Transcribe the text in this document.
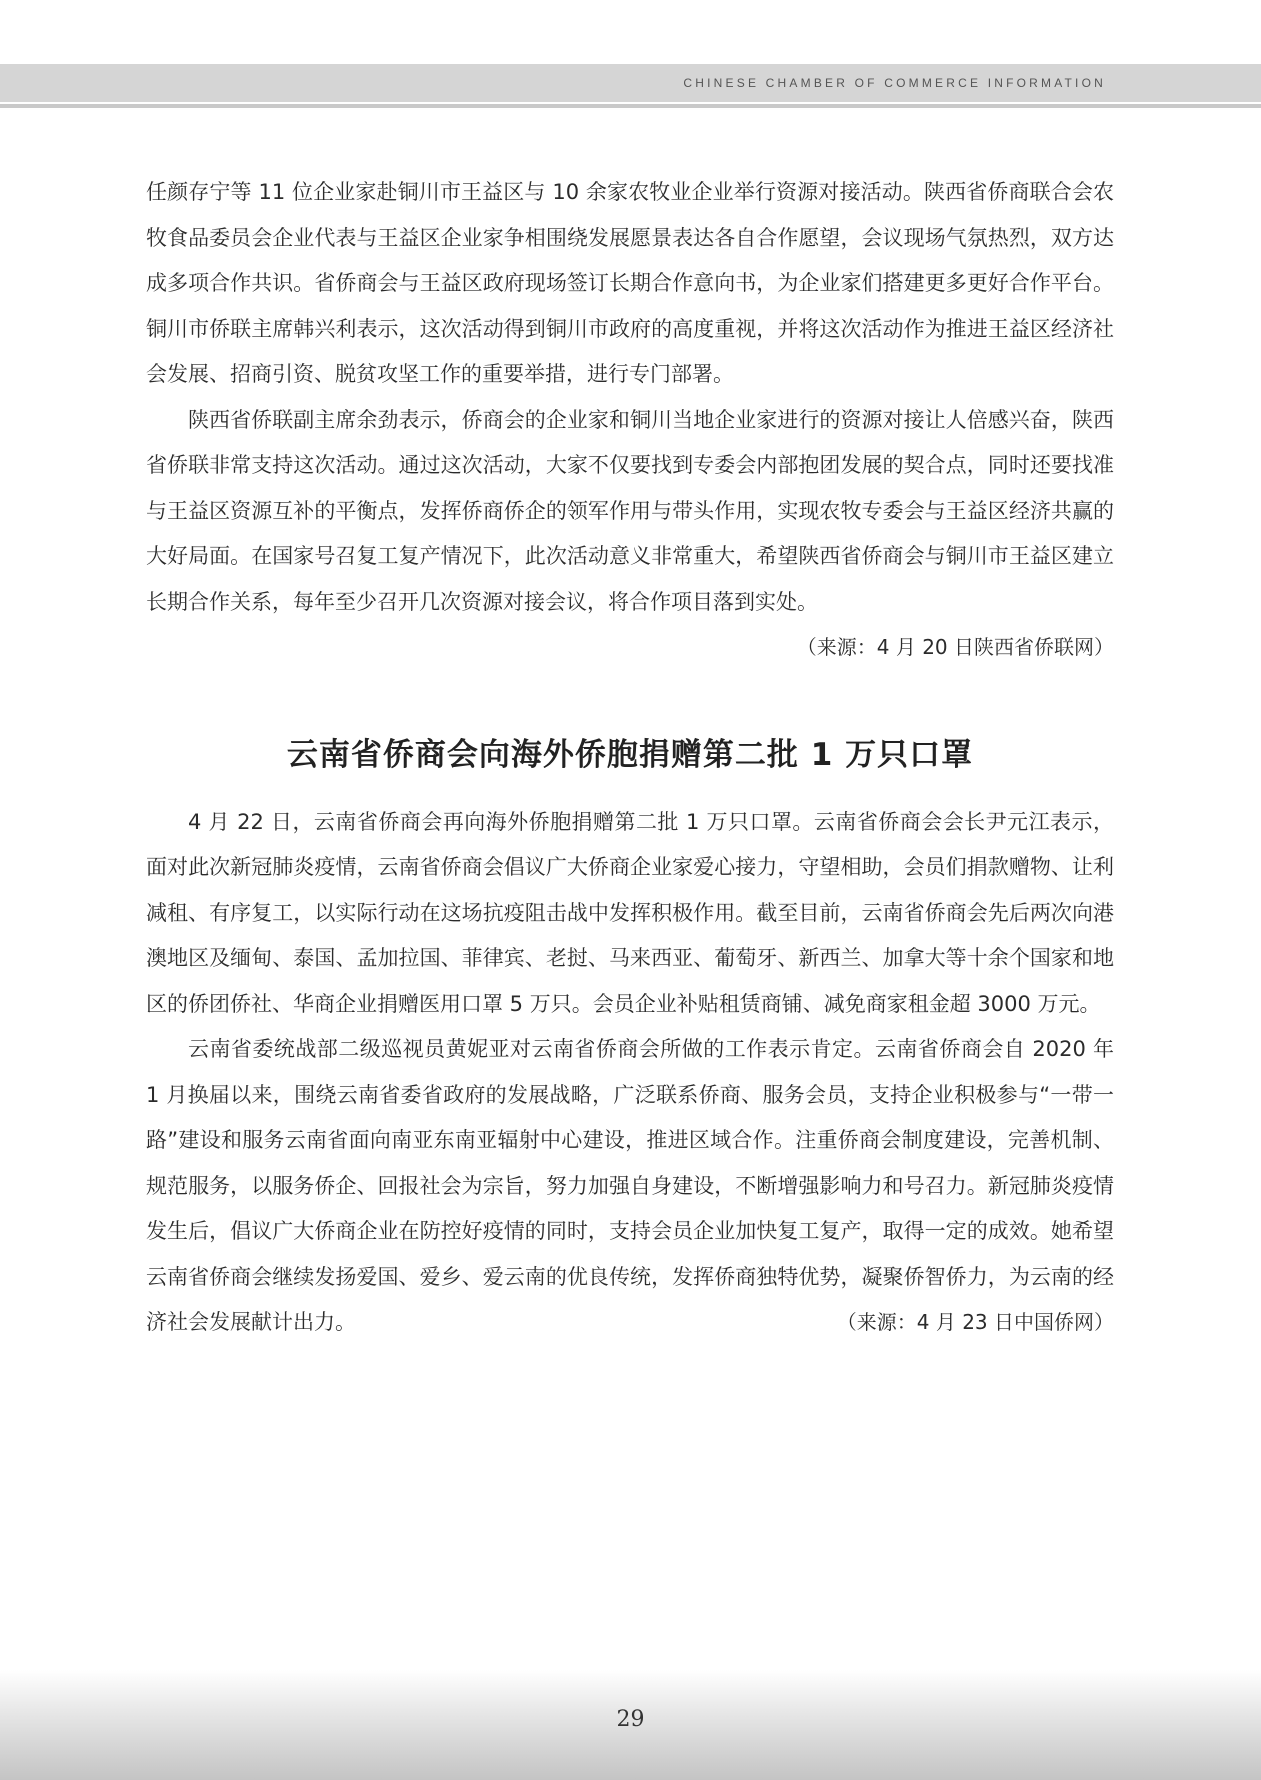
CHINESE CHAMBER OF COMMERCE INFORMATION

任颜存宁等 11 位企业家赴铜川市王益区与 10 余家农牧业企业举行资源对接活动。陕西省侨商联合会农牧食品委员会企业代表与王益区企业家争相围绕发展愿景表达各自合作愿望，会议现场气氛热烈，双方达成多项合作共识。省侨商会与王益区政府现场签订长期合作意向书，为企业家们搭建更多更好合作平台。铜川市侨联主席韩兴利表示，这次活动得到铜川市政府的高度重视，并将这次活动作为推进王益区经济社会发展、招商引资、脱贫攻坚工作的重要举措，进行专门部署。

陕西省侨联副主席余劲表示，侨商会的企业家和铜川当地企业家进行的资源对接让人倍感兴奋，陕西省侨联非常支持这次活动。通过这次活动，大家不仅要找到专委会内部抱团发展的契合点，同时还要找准与王益区资源互补的平衡点，发挥侨商侨企的领军作用与带头作用，实现农牧专委会与王益区经济共赢的大好局面。在国家号召复工复产情况下，此次活动意义非常重大，希望陕西省侨商会与铜川市王益区建立长期合作关系，每年至少召开几次资源对接会议，将合作项目落到实处。
（来源：4 月 20 日陕西省侨联网）

云南省侨商会向海外侨胞捐赠第二批 1 万只口罩

4 月 22 日，云南省侨商会再向海外侨胞捐赠第二批 1 万只口罩。云南省侨商会会长尹元江表示，面对此次新冠肺炎疫情，云南省侨商会倡议广大侨商企业家爱心接力，守望相助，会员们捐款赠物、让利减租、有序复工，以实际行动在这场抗疫阻击战中发挥积极作用。截至目前，云南省侨商会先后两次向港澳地区及缅甸、泰国、孟加拉国、菲律宾、老挝、马来西亚、葡萄牙、新西兰、加拿大等十余个国家和地区的侨团侨社、华商企业捐赠医用口罩 5 万只。会员企业补贴租赁商铺、减免商家租金超 3000 万元。

云南省委统战部二级巡视员黄妮亚对云南省侨商会所做的工作表示肯定。云南省侨商会自 2020 年 1 月换届以来，围绕云南省委省政府的发展战略，广泛联系侨商、服务会员，支持企业积极参与“一带一路”建设和服务云南省面向南亚东南亚辐射中心建设，推进区域合作。注重侨商会制度建设，完善机制、规范服务，以服务侨企、回报社会为宗旨，努力加强自身建设，不断增强影响力和号召力。新冠肺炎疫情发生后，倡议广大侨商企业在防控好疫情的同时，支持会员企业加快复工复产，取得一定的成效。她希望云南省侨商会继续发扬爱国、爱乡、爱云南的优良传统，发挥侨商独特优势，凝聚侨智侨力，为云南的经济社会发展献计出力。	（来源：4 月 23 日中国侨网）

29
